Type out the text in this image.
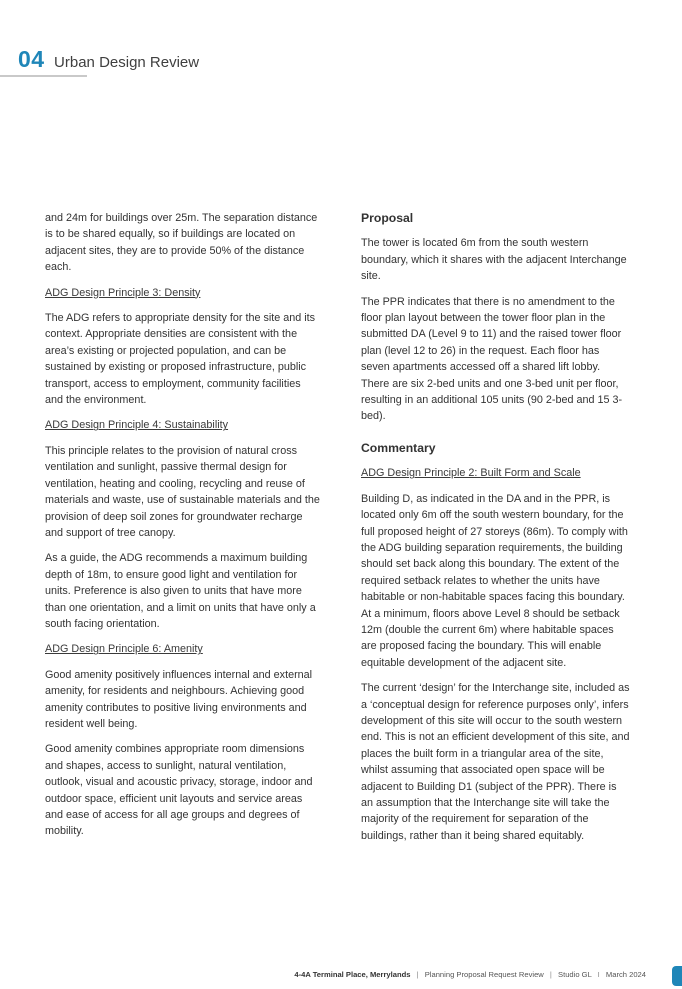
04 Urban Design Review

and 24m for buildings over 25m. The separation distance is to be shared equally, so if buildings are located on adjacent sites, they are to provide 50% of the distance each.

ADG Design Principle 3: Density

The ADG refers to appropriate density for the site and its context. Appropriate densities are consistent with the area’s existing or projected population, and can be sustained by existing or proposed infrastructure, public transport, access to employment, community facilities and the environment.

ADG Design Principle 4: Sustainability

This principle relates to the provision of natural cross ventilation and sunlight, passive thermal design for ventilation, heating and cooling, recycling and reuse of materials and waste, use of sustainable materials and the provision of deep soil zones for groundwater recharge and support of tree canopy.

As a guide, the ADG recommends a maximum building depth of 18m, to ensure good light and ventilation for units. Preference is also given to units that have more than one orientation, and a limit on units that have only a south facing orientation.

ADG Design Principle 6: Amenity

Good amenity positively influences internal and external amenity, for residents and neighbours. Achieving good amenity contributes to positive living environments and resident well being.

Good amenity combines appropriate room dimensions and shapes, access to sunlight, natural ventilation, outlook, visual and acoustic privacy, storage, indoor and outdoor space, efficient unit layouts and service areas and ease of access for all age groups and degrees of mobility.

Proposal

The tower is located 6m from the south western boundary, which it shares with the adjacent Interchange site.

The PPR indicates that there is no amendment to the floor plan layout between the tower floor plan in the submitted DA (Level 9 to 11) and the raised tower floor plan (level 12 to 26) in the request. Each floor has seven apartments accessed off a shared lift lobby. There are six 2-bed units and one 3-bed unit per floor, resulting in an additional 105 units (90 2-bed and 15 3-bed).

Commentary

ADG Design Principle 2: Built Form and Scale

Building D, as indicated in the DA and in the PPR, is located only 6m off the south western boundary, for the full proposed height of 27 storeys (86m). To comply with the ADG building separation requirements, the building should set back along this boundary. The extent of the required setback relates to whether the units have habitable or non-habitable spaces facing this boundary. At a minimum, floors above Level 8 should be setback 12m (double the current 6m) where habitable spaces are proposed facing the boundary. This will enable equitable development of the adjacent site.

The current ‘design’ for the Interchange site, included as a ‘conceptual design for reference purposes only’, infers development of this site will occur to the south western end. This is not an efficient development of this site, and places the built form in a triangular area of the site, whilst assuming that associated open space will be adjacent to Building D1 (subject of the PPR). There is an assumption that the Interchange site will take the majority of the requirement for separation of the buildings, rather than it being shared equitably.

4-4A Terminal Place, Merrylands | Planning Proposal Request Review | Studio GL I March 2024
